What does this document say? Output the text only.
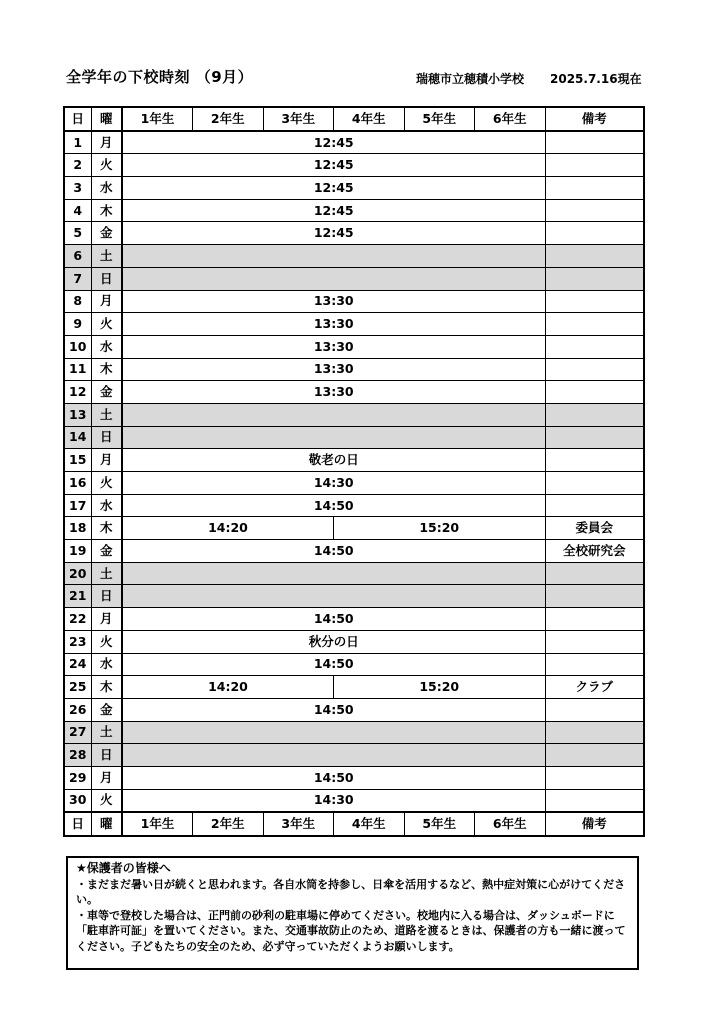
全学年の下校時刻 （9月）	瑞穂市立穂積小学校 2025.7.16現在
日	曜	1年生	2年生	3年生	4年生	5年生	6年生	備考
1	月	12:45						
2	火	12:45						
3	水	12:45						
4	木	12:45						
5	金	12:45						
6	土							
7	日							
8	月	13:30						
9	火	13:30						
10	水	13:30						
11	木	13:30						
12	金	13:30						
13	土							
14	日							
15	月	敬老の日						
16	火	14:30						
17	水	14:50						
18	木	14:20			15:20			委員会
19	金	14:50						全校研究会
20	土							
21	日							
22	月	14:50						
23	火	秋分の日						
24	水	14:50						
25	木	14:20			15:20			クラブ
26	金	14:50						
27	土							
28	日							
29	月	14:50						
30	火	14:30						
日	曜	1年生	2年生	3年生	4年生	5年生	6年生	備考

★保護者の皆様へ

・まだまだ暑い日が続くと思われます。各自水筒を持参し、日傘を活用するなど、熱中症対策に心がけてください。

・車等で登校した場合は、正門前の砂利の駐車場に停めてください。校地内に入る場合は、ダッシュボードに「駐車許可証」を置いてください。また、交通事故防止のため、道路を渡るときは、保護者の方も一緒に渡ってください。子どもたちの安全のため、必ず守っていただくようお願いします。
